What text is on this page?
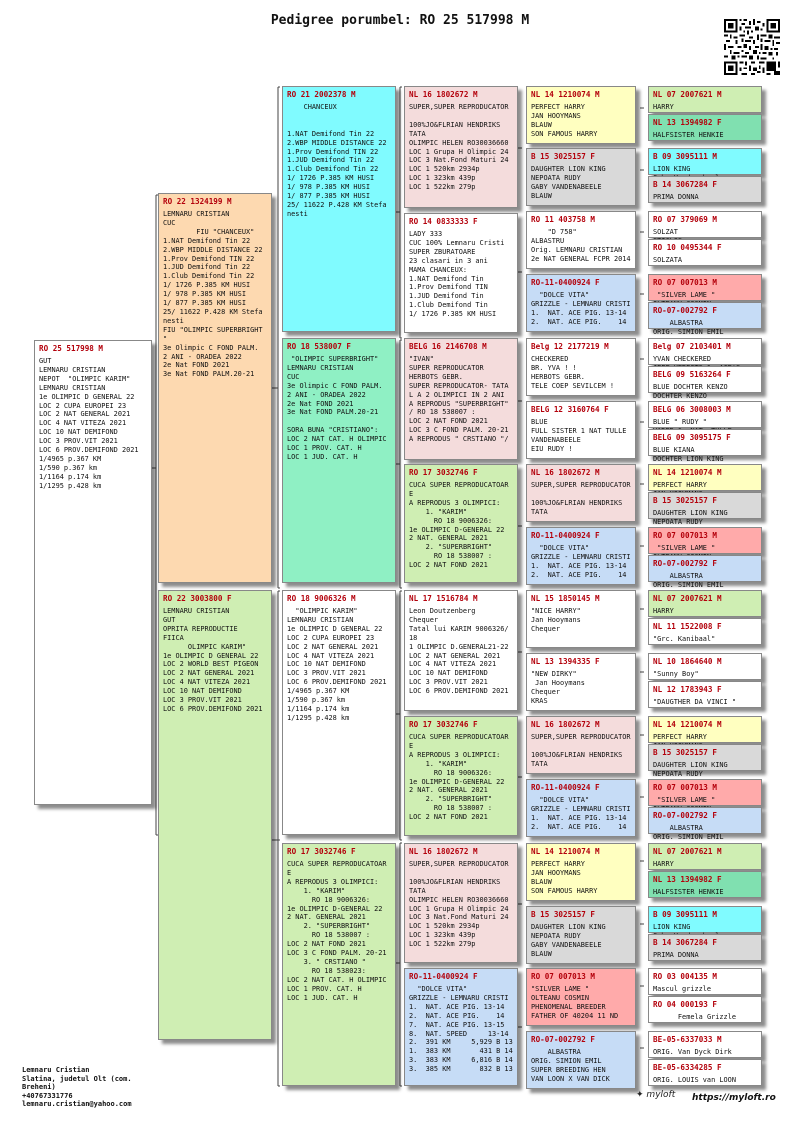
Pedigree porumbel: RO 25 517998 M
RO 25 517998 M
GUT
LEMNARU CRISTIAN
NEPOT  "OLIMPIC KARIM"
LEMNARU CRISTIAN
1e OLIMPIC D GENERAL 22
LOC 2 CUPA EUROPEI 23
LOC 2 NAT GENERAL 2021
LOC 4 NAT VITEZA 2021
LOC 10 NAT DEMIFOND
LOC 3 PROV.VIT 2021
LOC 6 PROV.DEMIFOND 2021
1/4965 p.367 KM
1/590 p.367 km
1/1164 p.174 km
1/1295 p.428 km
RO 22 1324199 M
LEMNARU CRISTIAN
CUC
FIU "CHANCEUX"
1.NAT Demifond Tin 22
2.WBP MIDDLE DISTANCE 22
1.Prov Demifond TIN 22
1.JUD Demifond Tin 22
1.Club Demifond Tin 22
1/ 1726 P.385 KM HUSI
1/ 978 P.385 KM HUSI
1/ 877 P.385 KM HUSI
25/ 11622 P.428 KM Stefa
nesti
FIU "OLIMPIC SUPERBRIGHT
"
3e Olimpic C FOND PALM.
2 ANI - ORADEA 2022
2e Nat FOND 2021
3e Nat FOND PALM.20-21
RO 22 3003800 F
LEMNARU CRISTIAN
GUT
OPRITA REPRODUCTIE
FIICA
OLIMPIC KARIM"
1e OLIMPIC D GENERAL 22
LOC 2 WORLD BEST PIGEON
LOC 2 NAT GENERAL 2021
LOC 4 NAT VITEZA 2021
LOC 10 NAT DEMIFOND
LOC 3 PROV.VIT 2021
LOC 6 PROV.DEMIFOND 2021
RO 21 2002378 M
CHANCEUX

1.NAT Demifond Tin 22
2.WBP MIDDLE DISTANCE 22
1.Prov Demifond TIN 22
1.JUD Demifond Tin 22
1.Club Demifond Tin 22
1/ 1726 P.385 KM HUSI
1/ 978 P.385 KM HUSI
1/ 877 P.385 KM HUSI
25/ 11622 P.428 KM Stefa
nesti
RO 18 538007 F
"OLIMPIC SUPERBRIGHT"
LEMNARU CRISTIAN
CUC
3e Olimpic C FOND PALM.
2 ANI - ORADEA 2022
2e Nat FOND 2021
3e Nat FOND PALM.20-21

SORA BUNA "CRISTIANO":
LOC 2 NAT CAT. H OLIMPIC
LOC 1 PROV. CAT. H
LOC 1 JUD. CAT. H
RO 18 9006326 M
"OLIMPIC KARIM"
LEMNARU CRISTIAN
1e OLIMPIC D GENERAL 22
LOC 2 CUPA EUROPEI 23
LOC 2 NAT GENERAL 2021
LOC 4 NAT VITEZA 2021
LOC 10 NAT DEMIFOND
LOC 3 PROV.VIT 2021
LOC 6 PROV.DEMIFOND 2021
1/4965 p.367 KM
1/590 p.367 km
1/1164 p.174 km
1/1295 p.428 km
RO 17 3032746 F
CUCA SUPER REPRODUCATOAR
E
A REPRODUS 3 OLIMPICI:
1. "KARIM"
RO 18 9006326:
1e OLIMPIC D-GENERAL 22
2 NAT. GENERAL 2021
2. "SUPERBRIGHT"
RO 18 538007 :
LOC 2 NAT FOND 2021
LOC 3 C FOND PALM. 20-21
3. " CRSTIANO "
RO 18 538023:
LOC 2 NAT CAT. H OLIMPIC
LOC 1 PROV. CAT. H
LOC 1 JUD. CAT. H
NL 16 1802672 M
SUPER,SUPER REPRODUCATOR

100%JO&FLRIAN HENDRIKS
TATA
OLIMPIC HELEN RO30036660
LOC 1 Grupa H Olimpic 24
LOC 3 Nat.Fond Maturi 24
LOC 1 520km 2934p
LOC 1 323km 439p
LOC 1 522km 279p
RO 14 0833333 F
LADY 333
CUC 100% Lemnaru Cristi
SUPER ZBURATOARE
23 clasari in 3 ani
MAMA CHANCEUX:
1.NAT Demifond Tin
1.Prov Demifond TIN
1.JUD Demifond Tin
1.Club Demifond Tin
1/ 1726 P.385 KM HUSI
BELG 16 2146708 M
"IVAN"
SUPER REPRODUCATOR
HERBOTS GEBR.
SUPER REPRODUCATOR- TATA
L A 2 OLIMPICI IN 2 ANI
A REPRODUS "SUPERBRIGHT"
/ RO 18 538007 :
LOC 2 NAT FOND 2021
LOC 3 C FOND PALM. 20-21
A REPRODUS " CRSTIANO "/
RO 17 3032746 F
CUCA SUPER REPRODUCATOAR
E
A REPRODUS 3 OLIMPICI:
1. "KARIM"
RO 18 9006326:
1e OLIMPIC D-GENERAL 22
2 NAT. GENERAL 2021
2. "SUPERBRIGHT"
RO 18 538007 :
LOC 2 NAT FOND 2021
NL 17 1516784 M
Leon Doutzenberg
Chequer
Tatal lui KARIM 9006326/
18
1 OLIMPIC D.GENERAL21-22
LOC 2 NAT GENERAL 2021
LOC 4 NAT VITEZA 2021
LOC 10 NAT DEMIFOND
LOC 3 PROV.VIT 2021
LOC 6 PROV.DEMIFOND 2021
RO 17 3032746 F
CUCA SUPER REPRODUCATOAR
E
A REPRODUS 3 OLIMPICI:
1. "KARIM"
RO 18 9006326:
1e OLIMPIC D-GENERAL 22
2 NAT. GENERAL 2021
2. "SUPERBRIGHT"
RO 18 538007 :
LOC 2 NAT FOND 2021
NL 16 1802672 M
SUPER,SUPER REPRODUCATOR

100%JO&FLRIAN HENDRIKS
TATA
OLIMPIC HELEN RO30036660
LOC 1 Grupa H Olimpic 24
LOC 3 Nat.Fond Maturi 24
LOC 1 520km 2934p
LOC 1 323km 439p
LOC 1 522km 279p
RO-11-0400924 F
"DOLCE VITA"
GRIZZLE - LEMNARU CRISTI
1.  NAT. ACE PIG. 13-14
2.  NAT. ACE PIG.    14
7.  NAT. ACE PIG. 13-15
8.  NAT. SPEED     13-14
2.  391 KM     5,929 B 13
1.  383 KM       431 B 14
3.  383 KM     6,816 B 14
3.  385 KM       832 B 13
NL 14 1210074 M
PERFECT HARRY
JAN HOOYMANS
BLAUW
SON FAMOUS HARRY
B 15 3025157 F
DAUGHTER LION KING
NEPOATA RUDY
GABY VANDENABEELE
BLAUW
RO 11 403758 M
"D 758"
ALBASTRU
Orig. LEMNARU CRISTIAN
2e NAT GENERAL FCPR 2014
RO-11-0400924 F
"DOLCE VITA"
GRIZZLE - LEMNARU CRISTI
1.  NAT. ACE PIG. 13-14
2.  NAT. ACE PIG.    14
Belg 12 2177219 M
CHECKERED
BR. YVA ! !
HERBOTS GEBR.
TELE COEP SEVILCEM !
BELG 12 3160764 F
BLUE
FULL SISTER 1 NAT TULLE
VANDENABEELE
EIU RUDY !
NL 16 1802672 M
SUPER,SUPER REPRODUCATOR

100%JO&FLRIAN HENDRIKS
TATA
RO-11-0400924 F
"DOLCE VITA"
GRIZZLE - LEMNARU CRISTI
1.  NAT. ACE PIG. 13-14
2.  NAT. ACE PIG.    14
NL 15 1850145 M
"NICE HARRY"
Jan Hooymans
Chequer
NL 13 1394335 F
"NEW DIRKY"
Jan Hooymans
Chequer
KRAS
NL 16 1802672 M
SUPER,SUPER REPRODUCATOR

100%JO&FLRIAN HENDRIKS
TATA
RO-11-0400924 F
"DOLCE VITA"
GRIZZLE - LEMNARU CRISTI
1.  NAT. ACE PIG. 13-14
2.  NAT. ACE PIG.    14
NL 14 1210074 M
PERFECT HARRY
JAN HOOYMANS
BLAUW
SON FAMOUS HARRY
B 15 3025157 F
DAUGHTER LION KING
NEPOATA RUDY
GABY VANDENABEELE
BLAUW
RO 07 007013 M
"SILVER LAME "
OLTEANU COSMIN
PHENOMENAL BREEDER
FATHER OF 40204 11 ND
RO-07-002792 F
ALBASTRA
ORIG. SIMION EMIL
SUPER BREEDING HEN
VAN LOON X VAN DICK
NL 07 2007621 M
HARRY

NL 13 1394982 F
HALFSISTER HENKIE
B 09 3095111 M
LION KING

B 14 3067284 F
PRIMA DONNA

RO 07 379069 M
SOLZAT

RO 10 0495344 F
SOLZATA
RO 07 007013 M
"SILVER LAME "

RO-07-002792 F
ALBASTRA
ORIG. SIMION EMIL
Belg 07 2103401 M
YVAN CHECKERED

BELG 09 5163264 F
BLUE DOCHTER KENZO
DOCHTER KENZO
BELG 06 3008003 M
BLUE " RUDY "

BELG 09 3095175 F
BLUE KIANA
DOCHTER LION KING
NL 14 1210074 M
PERFECT HARRY

B 15 3025157 F
DAUGHTER LION KING
NEPOATA RUDY
RO 07 007013 M
"SILVER LAME "

RO-07-002792 F
ALBASTRA
ORIG. SIMION EMIL
NL 07 2007621 M
HARRY

NL 11 1522008 F
"Grc. Kanibaal"

NL 10 1864640 M
"Sunny Boy"

NL 12 1783943 F
"DAUGTHER DA VINCI "
NL 14 1210074 M
PERFECT HARRY

B 15 3025157 F
DAUGHTER LION KING
NEPOATA RUDY
RO 07 007013 M
"SILVER LAME "

RO-07-002792 F
ALBASTRA
ORIG. SIMION EMIL
NL 07 2007621 M
HARRY

NL 13 1394982 F
HALFSISTER HENKIE
B 09 3095111 M
LION KING

B 14 3067284 F
PRIMA DONNA

RO 03 004135 M
Mascul grizzle

RO 04 000193 F
Femela Grizzle

BE-05-6337033 M
ORIG. Van Dyck Dirk
BE-05-6334285 F
ORIG. LOUIS van LOON
Lemnaru Cristian
Slatina, judetul Olt (com.
Breheni)
+40767331776
lemnaru.cristian@yahoo.com
✦ myloft https://myloft.ro
